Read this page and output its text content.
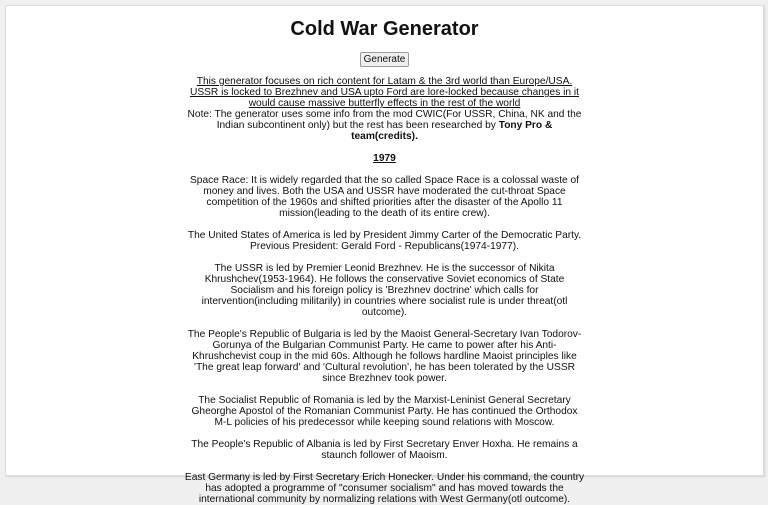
Cold War Generator
Generate
This generator focuses on rich content for Latam & the 3rd world than Europe/USA. USSR is locked to Brezhnev and USA upto Ford are lore-locked because changes in it would cause massive butterfly effects in the rest of the world
Note: The generator uses some info from the mod CWIC(For USSR, China, NK and the Indian subcontinent only) but the rest has been researched by Tony Pro & team(credits).
1979

Space Race: It is widely regarded that the so called Space Race is a colossal waste of money and lives. Both the USA and USSR have moderated the cut-throat Space competition of the 1960s and shifted priorities after the disaster of the Apollo 11 mission(leading to the death of its entire crew).

The United States of America is led by President Jimmy Carter of the Democratic Party. Previous President: Gerald Ford - Republicans(1974-1977).

The USSR is led by Premier Leonid Brezhnev. He is the successor of Nikita Khrushchev(1953-1964). He follows the conservative Soviet economics of State Socialism and his foreign policy is 'Brezhnev doctrine' which calls for intervention(including militarily) in countries where socialist rule is under threat(otl outcome).

The People's Republic of Bulgaria is led by the Maoist General-Secretary Ivan Todorov-Gorunya of the Bulgarian Communist Party. He came to power after his Anti-Khrushchevist coup in the mid 60s. Although he follows hardline Maoist principles like 'The great leap forward' and 'Cultural revolution', he has been tolerated by the USSR since Brezhnev took power.

The Socialist Republic of Romania is led by the Marxist-Leninist General Secretary Gheorghe Apostol of the Romanian Communist Party. He has continued the Orthodox M-L policies of his predecessor while keeping sound relations with Moscow.

The People's Republic of Albania is led by First Secretary Enver Hoxha. He remains a staunch follower of Maoism.

East Germany is led by First Secretary Erich Honecker. Under his command, the country has adopted a programme of "consumer socialism" and has moved towards the international community by normalizing relations with West Germany(otl outcome).
